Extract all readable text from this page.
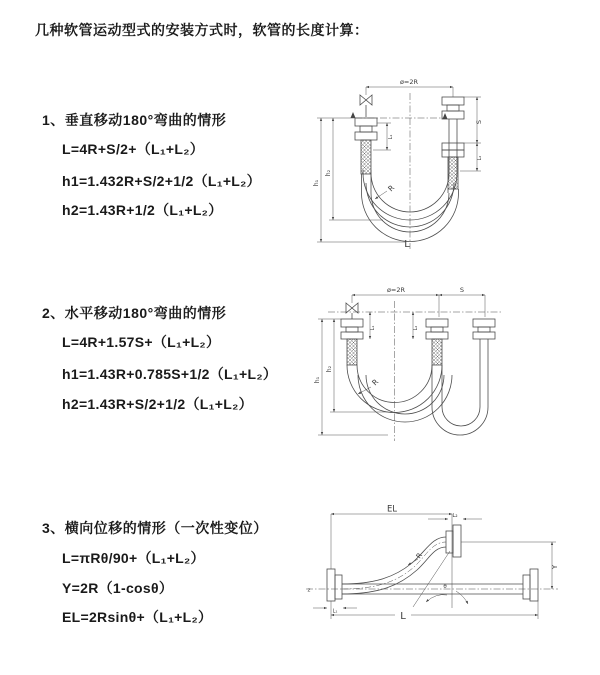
几种软管运动型式的安装方式时，软管的长度计算：
1、垂直移动180°弯曲的情形
L=4R+S/2+（L₁+L₂）
h1=1.432R+S/2+1/2（L₁+L₂）
h2=1.43R+1/2（L₁+L₂）
2、水平移动180°弯曲的情形
L=4R+1.57S+（L₁+L₂）
h1=1.43R+0.785S+1/2（L₁+L₂）
h2=1.43R+S/2+1/2（L₁+L₂）
3、横向位移的情形（一次性变位）
L=πRθ/90+（L₁+L₂）
Y=2R（1-cosθ）
EL=2Rsinθ+（L₁+L₂）
ø=2R
h₁
h₂
L₁
S
L₂
R
L
ø=2R	S
L₁	L₂
h₁
h₂
R
EL
L₂
Y
L
L₁
R
θ
z
